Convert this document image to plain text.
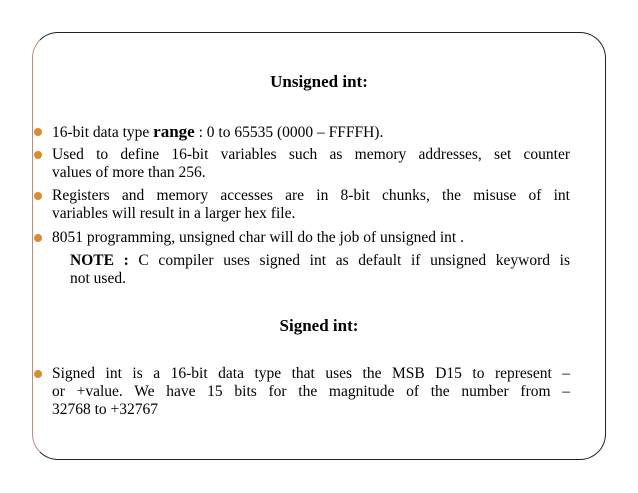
Unsigned int:
16-bit data type range : 0 to 65535 (0000 – FFFFH).
Used to define 16-bit variables such as memory addresses, set counter
values of more than 256.
Registers and memory accesses are in 8-bit chunks, the misuse of int
variables will result in a larger hex file.
8051 programming, unsigned char will do the job of unsigned int .
NOTE : C compiler uses signed int as default if unsigned keyword is
not used.
Signed int:
Signed int is a 16-bit data type that uses the MSB D15 to represent –
or +value. We have 15 bits for the magnitude of the number from –
32768 to +32767
